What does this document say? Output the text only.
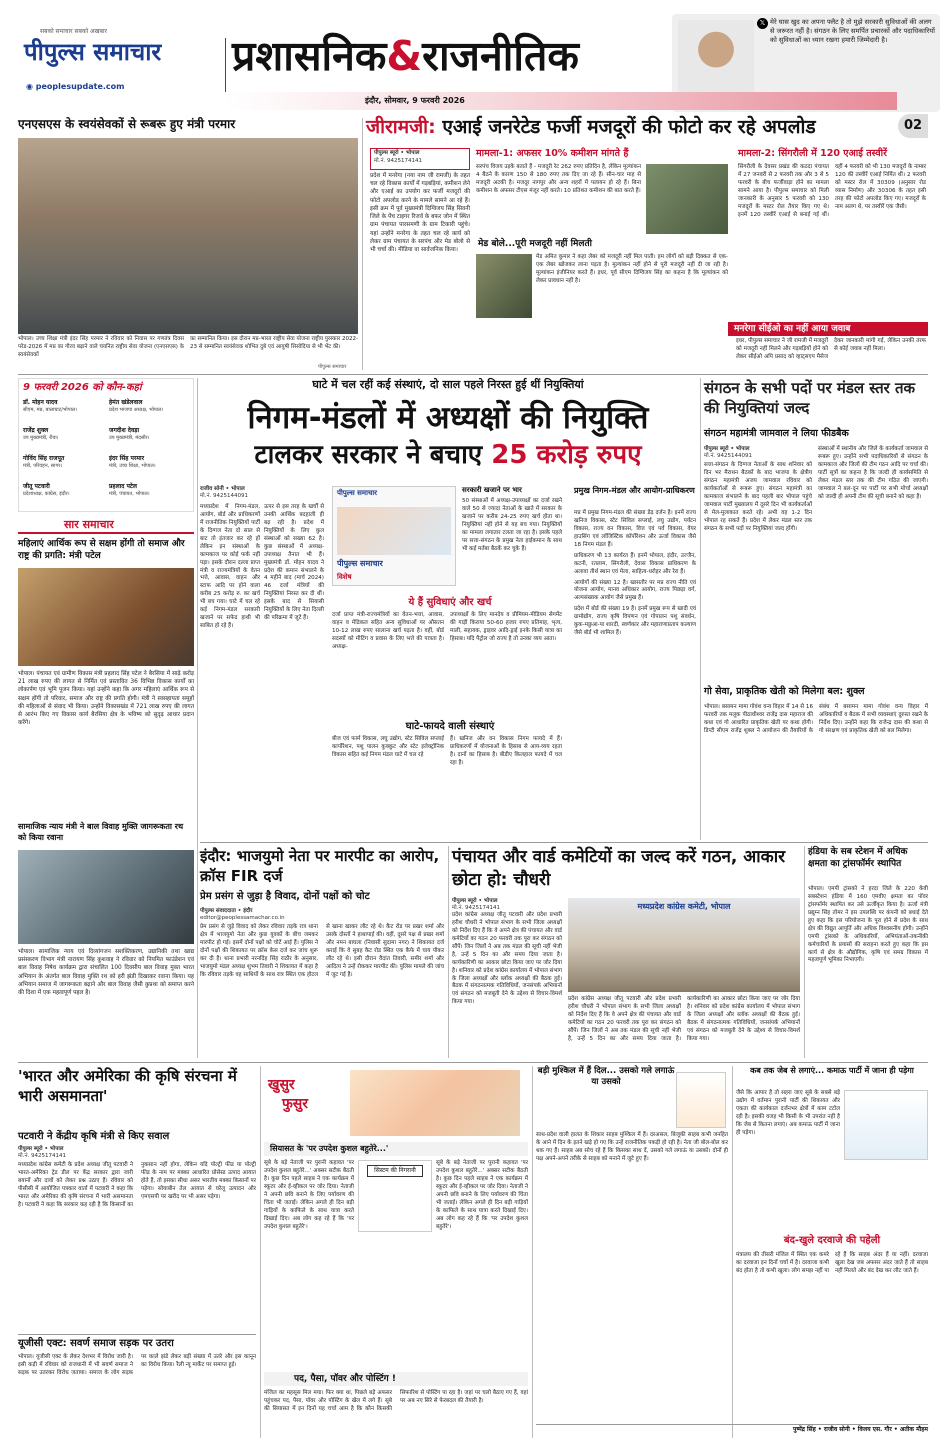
सबको समाचार सबको अखबार
पीपुल्स समाचार
◉ peoplesupdate.com
प्रशासनिक&राजनीतिक
𝕏 मेरे घास खुद का अपना फ्लैट है तो मुझे सरकारी सुविधाओं की अलग से जरूरत नहीं है। संगठन के लिए समर्पित प्रचारकों और पदाधिकारियों को सुविधाओं का ध्यान रखना हमारी जिम्मेदारी है।
इंदौर, सोमवार, 9 फरवरी 2026
02
एनएसएस के स्वयंसेवकों से रूबरू हुए मंत्री परमार
भोपाल। उच्च शिक्षा मंत्री इंदर सिंह परमार ने रविवार को निवास पर गणतंत्र दिवस परेड-2026 में मप्र का गौरव बढ़ाने वाले चयनित राष्ट्रीय सेवा योजना (एनएसएस) के स्वयंसेवकों
का सम्मानित किया। इस दौरान मप्र-भारत राष्ट्रीय सेवा योजना राष्ट्रीय पुरस्कार 2022-23 से सम्मानित स्वयंसेवक शोभित दुबे एवं आयुषी सिसोदिया से भी भेंट की।
पीपुल्स समाचार
जीरामजी: एआई जनरेटेड फर्जी मजदूरों की फोटो कर रहे अपलोड
पीपुल्स ब्यूरो • भोपाल
मो.नं. 9425174141
प्रदेश में मनरेगा (नया नाम जी रामजी) के तहत चल रहे विकास कार्यों में गड़बड़ियां, कमीशन लेने और एआई का उपयोग कर फर्जी मजदूरों की फोटो अपलोड करने के मामले सामने आ रहे हैं। इसी क्रम में पूर्व मुख्यमंत्री दिग्विजय सिंह सिवनी जिले के पेंच टाइगर रिजर्व के बफर जोन में स्थित ग्राम पंचायत पारसमणी के ग्राम टिकारी पहुंचे। यहां उन्होंने मनरेगा के तहत चल रहे कार्य को लेकर ग्राम पंचायत के सरपंच और मेड बोलो से भी चर्चा की। मीडिया वा सार्वजनिक किया।
मामला-1: अफसर 10% कमीशन मांगते हैं
सरपंच विजय उइके बताते हैं - मजदूरी रेट 262 रुपए प्रतिदिन है, लेकिन मूल्यांकन 4 बैठने के कारण 150 से 180 रुपए तक दिए जा रहे हैं। सीन-चार माह से मजदूरी अटकी है। मजदूर नागपुर और अन्य शहरों में पलायन हो रहे हैं। बिना कमीशन के अफसर टीएस मंजूर नहीं करते। 10 प्रतिशत कमीशन की बात करते हैं।
मेड बोले...पूरी मजदूरी नहीं मिलती
मेड अमित कुमार ने कहा लेबर को मजदूरी नहीं मिल पाती। हम लोगों को बड़ी दिक्कत से एक-एक लेबर खोजकर लाना पड़ता है। मूल्यांकन नहीं होने से पूरी मजदूरी नहीं दी जा रही है। मूल्यांकन इंजीनियर करते हैं। इधर, पूर्व सीएम दिग्विजय सिंह का कहना है कि मूल्यांकन को लेकर प्रावधान नहीं है।
मामला-2: सिंगरौली में 120 एआई तस्वीरें
सिंगरौली के देवसर प्रखंड की कठदा पंचायत में 27 जनवरी से 2 फरवरी तक और 3 से 5 फरवरी के बीच फर्जीवाड़ा होने का मामला सामने आया है। पीपुल्स समाचार को मिली जानकारी के अनुसार 5 फरवरी को 130 मजदूरों के मस्टर रोल तैयार किए गए थे। इनमें 120 तस्वीरें एआई से बनाई गई थीं। वहीं 4 फरवरी को भी 130 मजदूरों के नाम्बर 120 की तस्वीरें एआई निर्मित थीं। 2 फरवरी को मस्टर रोल में 30309 (अनुसार रोड व्यास निर्माण) और 30306 के तहत इसी तरह की फोटो अपलोड किए गए। मजदूरों के नाम अलग थे, पर तस्वीरें एक जैसी।
मनरेगा सीईओ का नहीं आया जवाब
इधर, पीपुल्स समाचार ने जी रामजी में मजदूरों को मजदूरी नहीं मिलने और गड़बड़ियों होने को लेकर सीईओ अपि प्रसाद को व्हाट्सएप मैसेज देकर जानकारी मांगी गई, लेकिन उनकी तरफ से कोई जवाब नहीं मिला।
9 फरवरी 2026 को कौन-कहां
डॉ. मोहन यादव
सीएम, मप्र, बालाघाट/भोपाल।
हेमंत खंडेलवाल
प्रदेश भाजपा अध्यक्ष, भोपाल।
राजेंद्र शुक्ल
उप मुख्यमंत्री, रीवा।
जगदीश देवड़ा
उप मुख्यमंत्री, मंदसौर।
गोविंद सिंह राजपूत
मंत्री, परिवहन, सागर।
इंदर सिंह परमार
मंत्री, उच्च शिक्षा, भोपाल।
जीतू पटवारी
प्रदेशाध्यक्ष, कांग्रेस, इंदौर।
प्रहलाद पटेल
मंत्री, पंचायत, भोपाल।
सार समाचार
महिलाएं आर्थिक रूप से सक्षम होंगी तो समाज और राष्ट्र की प्रगति: मंत्री पटेल
भोपाल। पंचायत एवं ग्रामीण विकास मंत्री प्रहलाद सिंह पटेल ने बैरसिया में साढ़े करोड़ 21 लाख रुपए की लागत से निर्मित एवं प्रस्तावित 36 विभिन्न विकास कार्यों का लोकार्पण एवं भूमि पूजन किया। यहां उन्होंने कहा कि अगर महिलाएं आर्थिक रूप से सक्षम होंगी तो परिवार, समाज और राष्ट्र की प्रगति होगी। मंत्री ने स्वसहायता समूहों की महिलाओं से संवाद भी किया। उन्होंने विकासखंड में 721 लाख रुपए की लागत से आरंभ किए गए विकास कार्य बैरसिया क्षेत्र के भविष्य को सुदृढ़ आधार प्रदान करेंगे।
सामाजिक न्याय मंत्री ने बाल विवाह मुक्ति जागरूकता रथ को किया रवाना
भोपाल। सामाजिक न्याय एवं दिव्यांगजन सशक्तिकरण, उद्यानिकी तथा खाद्य प्रसंस्करण विभाग मंत्री नारायण सिंह कुशवाह ने रविवार को नियमित फाउंडेशन एवं बाल विवाह निषेध कार्यक्रम द्वारा संचालित 100 दिवसीय बाल विवाह मुक्त भारत अभियान के अंतर्गत बाल विवाह मुक्ति रथ को हरी झंडी दिखाकर रवाना किया। यह अभियान समाज में जागरूकता बढ़ाने और बाल विवाह जैसी कुप्रथा को समाप्त करने की दिशा में एक महत्वपूर्ण पहल है।
घाटे में चल रहीं कई संस्थाएं, दो साल पहले निरस्त हुई थीं नियुक्तियां
निगम-मंडलों में अध्यक्षों की नियुक्ति
टालकर सरकार ने बचाए 25 करोड़ रुपए
राजीव सोनी • भोपाल
मो.नं. 9425144091
मध्यप्रदेश में निगम-मंडल, आयोग, बोर्ड और प्राधिकरणों में राजनीतिक नियुक्तियों पार्टी के दिग्गज नेता दो साल से बाट तो इंतजार कर रहे हों लेकिन इन संस्थाओं के कामकाज पर कोई फर्क नहीं पड़ा। इसके दौरान दल्ला प्राप्त मंत्री व राज्यमंत्रियों के वेतन भत्ते, आवास, वाहन और स्टाफ आदि पर होने वाला करीब 25 करोड़ रु. का खर्च भी बच गया। घाटे में चल रहे कई निगम-मंडल सरकारी खजाने पर सफेद हाथी भी साबित हो रहे हैं।
ऊपर से इस तरह के खर्चों से उनकी आर्थिक बदहाली ही बढ़ रही है। प्रदेश में नियुक्तियों के लिए कुल संस्थाओं को सख्या 62 है। कुछ संस्थाओं में अध्यक्ष-उपाध्यक्ष तैनात भी हैं। मुख्यमंत्री डॉ. मोहन यादव ने प्रदेश की कमान संभालने के 4 महीने बाद (मार्च 2024) 46 दर्जा मंत्रियों की नियुक्तियां निरस्त कर दी थीं। इसके बाद से सियासी नियुक्तियों के लिए नेता दिल्ली की परिक्रमा में जुटे हैं।
पीपुल्स समाचार
पीपुल्स समाचार
विशेष
सरकारी खजाने पर भार
50 संस्थाओं में अध्यक्ष-उपाध्यक्षों का दर्जा रखने वाले 50 से ज्यादा नेताओं के खाते में सरकार के खजाने पर करीब 24-25 रुपए खर्च होता था। नियुक्तियां नहीं होने से यह बच गया। नियुक्तियों का मामला लगातार टलता जा रहा है। इसके पहले पर सत्ता-संगठन के प्रमुख नेता हाईकमान के साथ भी कई मर्तबा बैठकें कर चुके हैं।
प्रमुख निगम-मंडल और आयोग-प्राधिकरण
मप्र में प्रमुख निगम-मंडल की संख्या डेढ़ दर्जन है। इनमें राज्य खनिज विकास, स्टेट सिविल सप्लाई, लघु उद्योग, पर्यटन विकास, राज्य वन विकास, वित्त एवं पर्व विकास, वेयर हाउसिंग एवं लॉजिस्टिक कॉर्पोरेशन और ऊर्जा विकास जैसे 18 निगम मंडल हैं।
प्राधिकरण भी 13 कार्यरत हैं। इनमें भोपाल, इंदौर, उज्जैन, कटनी, रतलाम, सिंगरौली, देवास विकास प्राधिकरण के अलावा तीर्थ स्थान एवं मेला, साहित्य-धरोहर और रेरा हैं।
आयोगों की संख्या 12 है। खासतौर पर मप्र राज्य नीति एवं योजना आयोग, मानव अधिकार आयोग, राज्य पिछड़ा वर्ग, अल्पसंख्यक आयोग जैसे प्रमुख हैं।
प्रदेश में बोर्ड की संख्या 19 है। इनमें प्रमुख रूप से खादी एवं ग्रामोद्योग, राज्य कृषि विपणन एवं गोपालन पशु संवर्धन, कुक-मछुआ-पा शारदी, स्वर्णकार और महाराणाप्रताप कल्याण जैसे बोर्ड भी शामिल हैं।
ये हैं सुविधाएं और खर्च
दर्जा प्राप्त मंत्री-राज्यमंत्रियों का वेतन-भत्ता, आवास, वाहन व मेडिकल सहित अन्य सुविधाओं पर औसतन 10-12 लाख रुपए सालाना खर्च पड़ता है। वहीं, बोर्ड सदस्यों को मीटिंग व प्रवास के लिए भत्ते की पात्रता है। अध्यक्ष-
उपाध्यक्षों के लिए मानदेय व प्रीमियम-मीडियम सेगमेंट की गाड़ी किराया 50-60 हजार रुपए प्रतिमाह, भृत्य, माली, सहायक, ड्राइवर आदि-ड्राई इनके किसी यात्रा का हिसाब। यदि पैट्रोल जो राज्य है तो उनका व्यय आता।
घाटे-फायदे वाली संस्थाएं
बीज एवं फार्म विकास, लघु उद्योग, स्टेट सिविल सप्लाई कार्पोरेशन, पशु पालन कुक्कुट और स्टेट इलेक्ट्रॉनिक विकास सहित कई निगम मंडल घाटे में चल रहे
हैं। खनिज और वन विकास निगम फायदे में हैं। प्राधिकरणों में योजनाओं के हिसाब से आय-व्यय रहता है। दानों का हिसाब है। बीडीए किलहाल फायदे में चल रहा है।
संगठन के सभी पदों पर मंडल स्तर तक की नियुक्तियां जल्द
संगठन महामंत्री जामवाल ने लिया फीडबैक
पीपुल्स ब्यूरो • भोपाल
मो.नं. 9425144091
सत्ता-संगठन के दिग्गज नेताओं के साथ शनिवार को दिन भर मैराथन बैठकों के बाद भाजपा के क्षेत्रीय संगठन महामंत्री अजय जामवाल रविवार को कार्यकर्ताओं से रूबरू हुए। संगठन महामंत्री का कामकाज संभालने के बाद पहली बार भोपाल पहुंचे जामवाल पार्टी मुख्यालय में दूसरे दिन भी कार्यकर्ताओं से मेल-मुलाकात करते रहे। अभी वह 1-2 दिन भोपाल रह सकते हैं। प्रदेश में लेकर मंडल स्तर तक संगठन के सभी पदों पर नियुक्तियां जल्द होंगी।
संस्थाओं में स्थानीय और जिले के कार्यकर्ता जामवाल से रूबरू हुए। उन्होंने सभी पदाधिकारियों से संगठन के कामकाज और जिलों की टीम गठन आदि पर चर्चा की। पार्टी सूत्रों का कहना है कि जल्दी ही कार्यसमिति से लेकर मंडल स्तर तक की टीम गठित की जाएगी। जामवाल ने बल-दून पर पार्टी पर सभी मोर्चा अध्यक्षों को जल्दी ही अपनी टीम की सूची बनाने को कहा है।
गो सेवा, प्राकृतिक खेती को मिलेगा बल: शुक्ल
भोपाल। बसामन मामा गोवंश वन्य विहार में 14 से 16 फरवरी तक मलूक पीठाधीश्वर राजेंद्र दास महाराज की कथा एवं गो आधारित प्राकृतिक खेती पर कथा होगी। डिप्टी सीएम राजेंद्र शुक्ल ने आयोजन की तैयारियों के संबंध में बसामन मामा गोवंश वन्य विहार में अधिकारियों व बैठक में सभी व्यवस्थाएं दुरुस्त रखने के निर्देश दिए। उन्होंने कहा कि राजेन्द्र दास की कथा से गो संरक्षण एवं प्राकृतिक खेती को बल मिलेगा।
इंदौर: भाजयुमो नेता पर मारपीट का आरोप, क्रॉस FIR दर्ज
प्रेम प्रसंग से जुड़ा है विवाद, दोनों पक्षों को चोट
पीपुल्स संवाददाता • इंदौर
editor@peoplessamachar.co.in
प्रेम प्रसंग से जुड़े विवाद को लेकर रविवार तड़के रात्र थाना क्षेत्र में भाजयुमो नेता और कुछ युवकों के बीच जमकर मारपीट हो गई। इसमें दोनों पक्षों को चोटें आई हैं। पुलिस ने दोनों पक्षों की शिकायत पर क्रॉस केस दर्ज कर जांच शुरू कर दी है। थाना प्रभारी नरनदिंह सिंह राठौर के अनुसार, भाजयुमो मंडल अध्यक्ष शुभम तिवारी ने शिकायत में कहा है कि रविवार तड़के वह साथियों के साथ रात्र स्थित एक होटल से खाना खाकर लौट रहे थे। कैट रोड पर प्रखर शर्मा और उसके दोस्तों ने हाथापाई की। वहीं, दूसरे पक्ष से प्रखर शर्मा और नमन बाघला (निवासी सुदामा नगर) ने शिकायत दर्ज कराई कि वे सुबह कैट रोड स्थित एक कैफे में चाय पीकर लौट रहे थे। इसी दौरान वैदांत तिवारी, समीर शर्मा और आदित्य ने उन्हें रोककर मारपीट की। पुलिस मामले की जांच में जुट गई है।
पंचायत और वार्ड कमेटियों का जल्द करें गठन, आकार छोटा हो: चौधरी
पीपुल्स ब्यूरो • भोपाल
मो.नं. 9425174141
प्रदेश कांग्रेस अध्यक्ष जीतू पटवारी और प्रदेश प्रभारी हरीश चौधरी ने भोपाल संभाग के सभी जिला अध्यक्षों को निर्देश दिए हैं कि वे अपने क्षेत्र की पंचायत और वार्ड कमेटियों का गठन 20 फरवरी तक पूरा कर संगठन को सौंपें। जिन जिलों ने अब तक मंडल की सूची नहीं भेजी है, उन्हें 5 दिन का और समय दिया जाता है। कार्यकारिणी का आकार छोटा किया जाए पर जोर दिया है। शनिवार को प्रदेश कांग्रेस कार्यालय में भोपाल संभाग के जिला अध्यक्षों और ब्लॉक अध्यक्षों की बैठक हुई। बैठक में संगठनात्मक गतिविधियों, जनसंपर्क अभियानों एवं संगठन को मजबूती देने के उद्देश्य से विचार-विमर्श किया गया।
मध्यप्रदेश कांग्रेस कमेटी, भोपाल
प्रदेश कांग्रेस अध्यक्ष जीतू पटवारी और प्रदेश प्रभारी हरीश चौधरी ने भोपाल संभाग के सभी जिला अध्यक्षों को निर्देश दिए हैं कि वे अपने क्षेत्र की पंचायत और वार्ड कमेटियों का गठन 20 फरवरी तक पूरा कर संगठन को सौंपें। जिन जिलों ने अब तक मंडल की सूची नहीं भेजी है, उन्हें 5 दिन का और समय दिया जाता है। कार्यकारिणी का आकार छोटा किया जाए पर जोर दिया है। शनिवार को प्रदेश कांग्रेस कार्यालय में भोपाल संभाग के जिला अध्यक्षों और ब्लॉक अध्यक्षों की बैठक हुई। बैठक में संगठनात्मक गतिविधियों, जनसंपर्क अभियानों एवं संगठन को मजबूती देने के उद्देश्य से विचार-विमर्श किया गया।
हंडिया के सब स्टेशन में अधिक क्षमता का ट्रांसफॉर्मर स्थापित
भोपाल। एमपी ट्रांसको ने हरदा जिले के 220 केवी सबस्टेशन हंडिया में 160 एमवीए क्षमता का पॉवर ट्रांसफॉर्मर स्थापित कर उसे ऊर्जीकृत किया है। ऊर्जा मंत्री प्रद्युम्न सिंह तोमर ने इस उपलब्धि पर कंपनी को बधाई देते हुए कहा कि इस परियोजना के पूरा होने से प्रदेश के साथ क्षेत्र की विद्युत आपूर्ति और अधिक विश्वसनीय होगी। उन्होंने एमपी ट्रांसको के अधिकारियों, अभियंताओं-तकनीकी कर्मचारियों के प्रयासों की सराहना करते हुए कहा कि इस कार्य से क्षेत्र के औद्योगिक, कृषि एवं समग्र विकास में महत्वपूर्ण भूमिका निभाएगी।
'भारत और अमेरिका की कृषि संरचना में भारी असमानता'
पटवारी ने केंद्रीय कृषि मंत्री से किए सवाल
पीपुल्स ब्यूरो • भोपाल
मो.नं. 9425174141
मध्यप्रदेश कांग्रेस कमेटी के प्रदेश अध्यक्ष जीतू पटवारी ने भारत-अमेरिका ट्रेड डील पर केंद्र सरकार द्वारा जारी बयानों और दावों को लेकर प्रश्न उठाए हैं। रविवार को पीसीसी में आयोजित पत्रकार वार्ता में पटवारी ने कहा कि भारत और अमेरिका की कृषि संरचना में भारी असमानता है। पटवारी ने कहा कि सरकार कह रही है कि किसानों का नुकसान नहीं होगा, लेकिन यदि पोल्ट्री फीड या पोल्ट्री फीड के नाम पर मक्का आधारित प्रोसेस्ड उत्पाद आयात होते हैं, तो इसका सीधा असर भारतीय मक्का किसानों पर पड़ेगा। सोयाबीन तेल आयात से घरेलू उत्पादन और एमएसपी पर खरीद पर भी असर पड़ेगा।
यूजीसी एक्ट: सवर्ण समाज सड़क पर उतरा
भोपाल। यूजीसी एक्ट के लेकर देशभर में विरोध जारी है। इसी कड़ी में रविवार को राजधानी में भी सवर्ण समाज ने सड़क पर उतरकर विरोध जताया। समाज के लोग सड़क पर काले झंडे लेकर बड़ी संख्या में उतरे और इस कानून का विरोध किया। रैली न्यू मार्केट पर समाप्त हुई।
खुसुर
फुसुर
सियासत के 'पर उपदेश कुशल बहुतेरे...'
सिस्टम की निगरानी
सूबे के बड़े नेताजी पर पुरानी कहावत 'पर उपदेश कुशल बहुतेरे...' अक्सर सटीक बैठती है। कुछ दिन पहले साहब ने एक कार्यक्रम में स्कूटर और ई-व्हीकल पर जोर दिया। नेताजी ने अपनी छवि बनाने के लिए पर्यावरण की चिंता भी जताई। लेकिन अगले ही दिन बड़ी गाड़ियों के काफिले के साथ यात्रा करते दिखाई दिए। अब लोग कह रहे हैं कि 'पर उपदेश कुशल बहुतेरे'।
सूबे के बड़े नेताजी पर पुरानी कहावत 'पर उपदेश कुशल बहुतेरे...' अक्सर सटीक बैठती है। कुछ दिन पहले साहब ने एक कार्यक्रम में स्कूटर और ई-व्हीकल पर जोर दिया। नेताजी ने अपनी छवि बनाने के लिए पर्यावरण की चिंता भी जताई। लेकिन अगले ही दिन बड़ी गाड़ियों के काफिले के साथ यात्रा करते दिखाई दिए। अब लोग कह रहे हैं कि 'पर उपदेश कुशल बहुतेरे'।
पद, पैसा, पॉवर और पोस्टिंग !
मंजिल का महसूस मिल मया। फिर क्या था, पिछले बड़े अफसर पहुंचकर पद, पैसा, पॉवर और पोस्टिंग के खेल में लगे हैं। सूबे की सियासत में इन दिनों यह चर्चा आम है कि कौन किसकी सिफारिश से पोस्टिंग पा रहा है। जहां पर चलो बैठाए गए हैं, वहां पर अब नए सिरे से फेरबदल की तैयारी है।
बड़ी मुश्किल में हैं दिल... उसको गले लगाऊं या उसको
साथ-प्रदेश वाली हालत के शिकार साहब मुश्किल में हैं। दरअसल, बिजूकी साहब कभी जनहित के आने में दिन के इतने खड़े हो गए कि उन्हें राजनीतिक पकड़ी हो रही है। नेता जी बोल-बोल कर थक गए हैं। साहब अब सोच रहे हैं कि किसका साथ दें, उसको गले लगाऊं या उसको। दोनों ही पक्ष अपने-अपने तरीके से साहब को मनाने में जुटे हुए हैं।
कब तक जेब से लगाएं... कमाऊ पार्टी में जाना ही पड़ेगा
जैसे कि आपार है तो सहरा जाए सूबे के सबसे बड़े उद्योग में वर्तमान पुरानी पार्टी की शिकायत और एकता की कार्यकाल दर्जनभर क्षेत्रों में काम टटोल रही है। इसकी वजह भी किसी के भी उपरांत नहीं है कि जेब से कितना लगाएं। अब कमाऊ पार्टी में जाना ही पड़ेगा।
बंद-खुले दरवाजे की पहेली
मंत्रालय की तीसरी मंजिल में स्थित एक कमरे का दरवाजा इन दिनों चर्चा में है। दरवाजा कभी बंद होता है तो कभी खुला। लोग समझ नहीं पा रहे हैं कि साहब अंदर हैं या नहीं। दरवाजा खुला देख जब अफसर अंदर जाते हैं तो साहब नहीं मिलते और बंद देख कर लौट जाते हैं।
पुष्पेंद्र सिंह • राजीव सोनी • विजय एस. गौर • अतीक मौहम
